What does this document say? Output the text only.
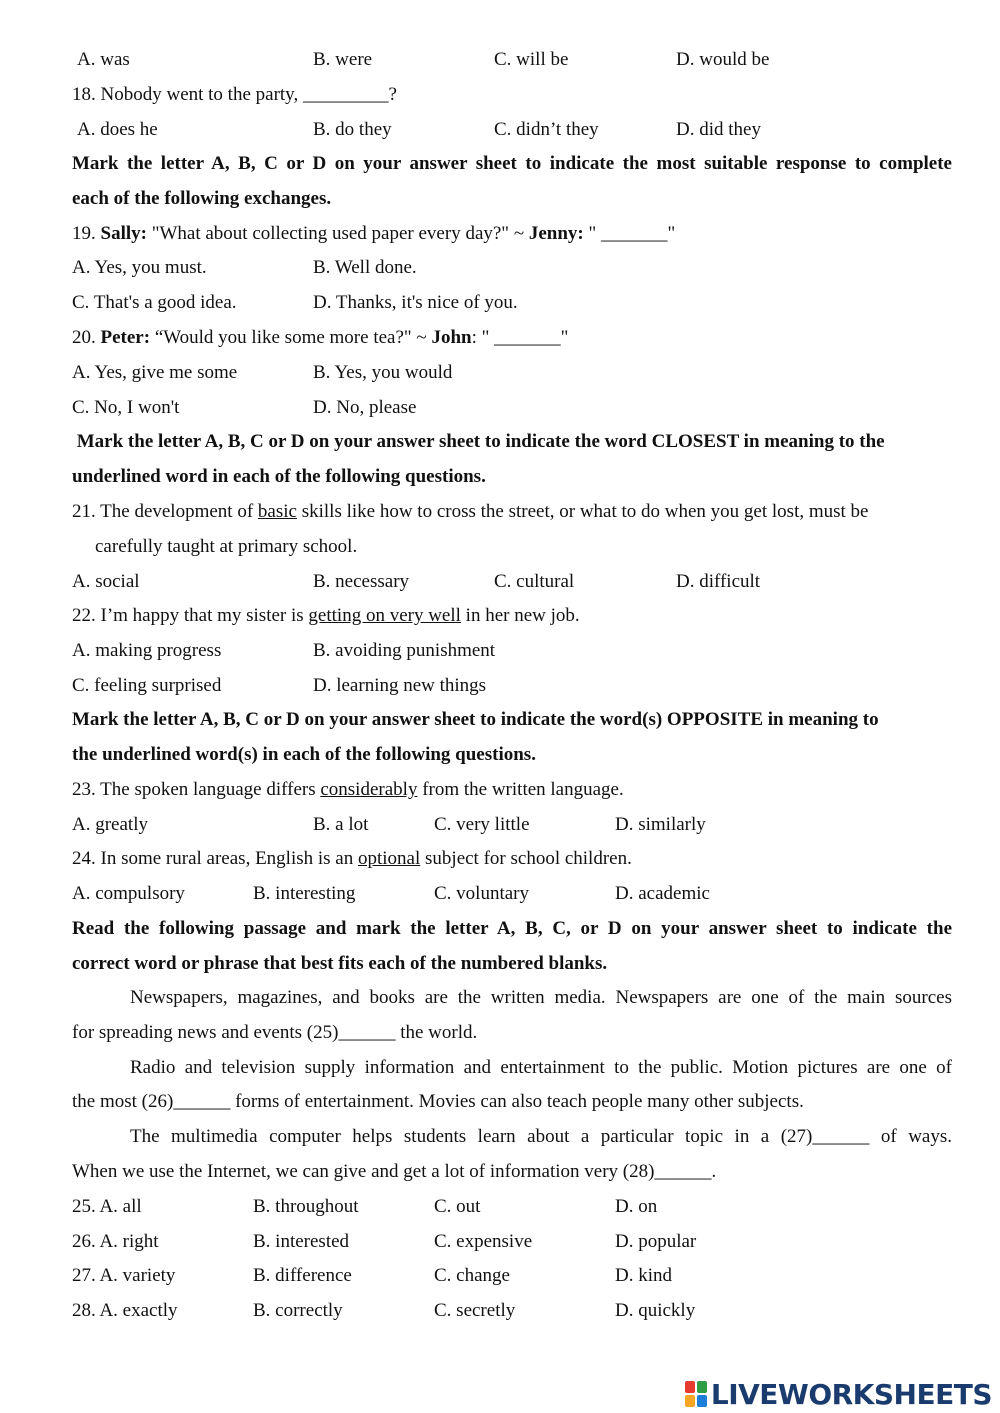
A. was	B. were	C. will be	D. would be
18. Nobody went to the party, _________?
A. does he	B. do they	C. didn’t they	D. did they
Mark the letter A, B, C or D on your answer sheet to indicate the most suitable response to complete
each of the following exchanges.
19. Sally: "What about collecting used paper every day?" ~ Jenny: " _______"
A. Yes, you must.	B. Well done.
C. That's a good idea.	D. Thanks, it's nice of you.
20. Peter: “Would you like some more tea?" ~ John: " _______"
A. Yes, give me some	B. Yes, you would
C. No, I won't	D. No, please
Mark the letter A, B, C or D on your answer sheet to indicate the word CLOSEST in meaning to the
underlined word in each of the following questions.
21. The development of basic skills like how to cross the street, or what to do when you get lost, must be
carefully taught at primary school.
A. social	B. necessary	C. cultural	D. difficult
22. I’m happy that my sister is getting on very well in her new job.
A. making progress	B. avoiding punishment
C. feeling surprised	D. learning new things
Mark the letter A, B, C or D on your answer sheet to indicate the word(s) OPPOSITE in meaning to
the underlined word(s) in each of the following questions.
23. The spoken language differs considerably from the written language.
A. greatly	B. a lot	C. very little	D. similarly
24. In some rural areas, English is an optional subject for school children.
A. compulsory	B. interesting	C. voluntary	D. academic
Read the following passage and mark the letter A, B, C, or D on your answer sheet to indicate the
correct word or phrase that best fits each of the numbered blanks.
Newspapers, magazines, and books are the written media. Newspapers are one of the main sources
for spreading news and events (25)______ the world.
Radio and television supply information and entertainment to the public. Motion pictures are one of
the most (26)______ forms of entertainment. Movies can also teach people many other subjects.
The multimedia computer helps students learn about a particular topic in a (27)______ of ways.
When we use the Internet, we can give and get a lot of information very (28)______.
25. A. all	B. throughout	C. out	D. on
26. A. right	B. interested	C. expensive	D. popular
27. A. variety	B. difference	C. change	D. kind
28. A. exactly	B. correctly	C. secretly	D. quickly
LIVEWORKSHEETS
